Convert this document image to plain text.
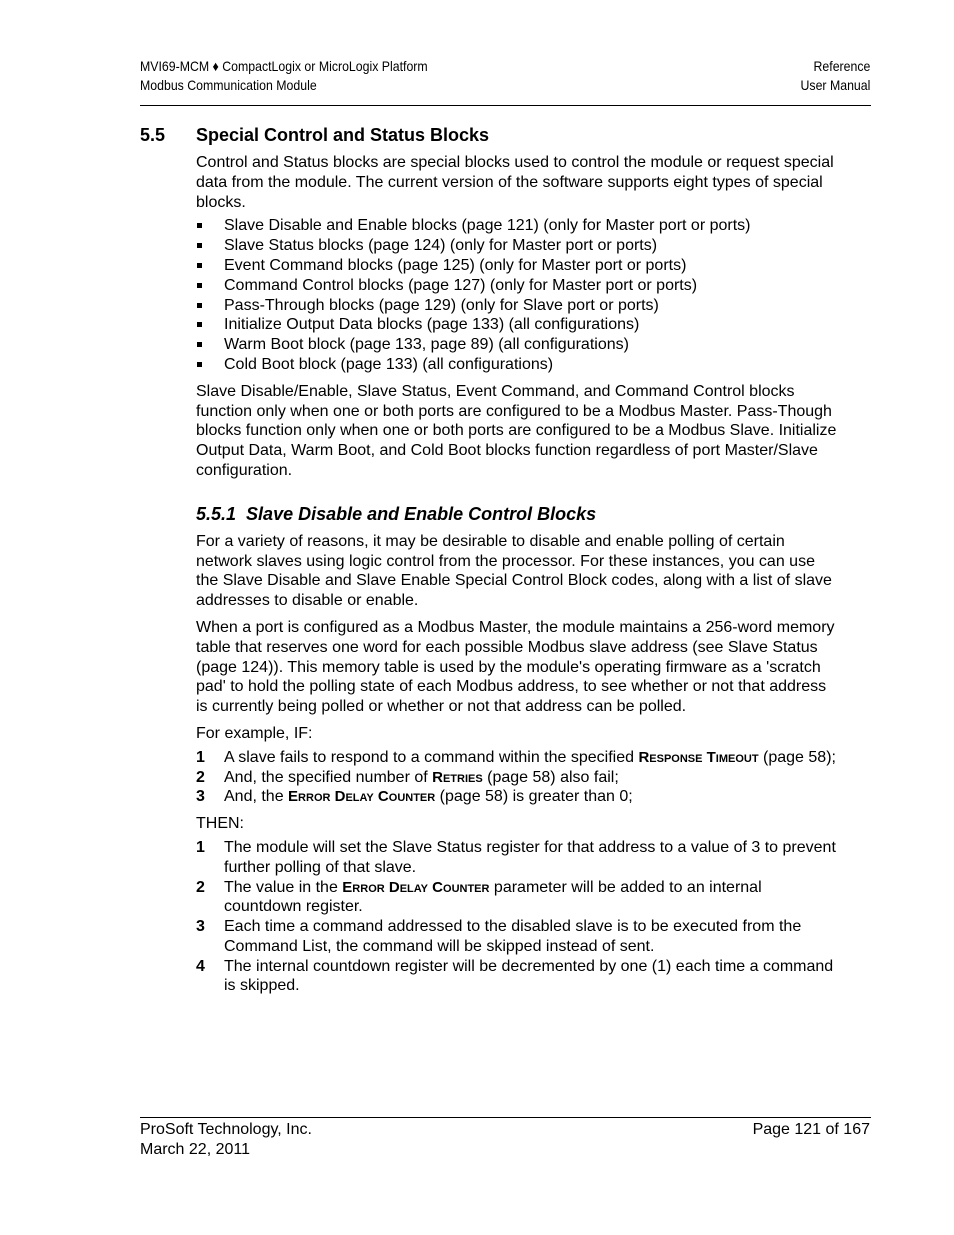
MVI69-MCM ♦ CompactLogix or MicroLogix Platform
Modbus Communication Module
Reference
User Manual
5.5	Special Control and Status Blocks

Control and Status blocks are special blocks used to control the module or request special data from the module. The current version of the software supports eight types of special blocks.

Slave Disable and Enable blocks (page 121) (only for Master port or ports)
Slave Status blocks (page 124) (only for Master port or ports)
Event Command blocks (page 125) (only for Master port or ports)
Command Control blocks (page 127) (only for Master port or ports)
Pass-Through blocks (page 129) (only for Slave port or ports)
Initialize Output Data blocks (page 133) (all configurations)
Warm Boot block (page 133, page 89) (all configurations)
Cold Boot block (page 133) (all configurations)

Slave Disable/Enable, Slave Status, Event Command, and Command Control blocks function only when one or both ports are configured to be a Modbus Master. Pass-Though blocks function only when one or both ports are configured to be a Modbus Slave. Initialize Output Data, Warm Boot, and Cold Boot blocks function regardless of port Master/Slave configuration.

5.5.1 Slave Disable and Enable Control Blocks

For a variety of reasons, it may be desirable to disable and enable polling of certain network slaves using logic control from the processor. For these instances, you can use the Slave Disable and Slave Enable Special Control Block codes, along with a list of slave addresses to disable or enable.

When a port is configured as a Modbus Master, the module maintains a 256-word memory table that reserves one word for each possible Modbus slave address (see Slave Status (page 124)). This memory table is used by the module's operating firmware as a 'scratch pad' to hold the polling state of each Modbus address, to see whether or not that address is currently being polled or whether or not that address can be polled.

For example, IF:

1 A slave fails to respond to a command within the specified Response Timeout (page 58);
2 And, the specified number of Retries (page 58) also fail;
3 And, the Error Delay Counter (page 58) is greater than 0;

THEN:

1 The module will set the Slave Status register for that address to a value of 3 to prevent further polling of that slave.
2 The value in the Error Delay Counter parameter will be added to an internal countdown register.
3 Each time a command addressed to the disabled slave is to be executed from the Command List, the command will be skipped instead of sent.
4 The internal countdown register will be decremented by one (1) each time a command is skipped.
ProSoft Technology, Inc.
March 22, 2011
Page 121 of 167
